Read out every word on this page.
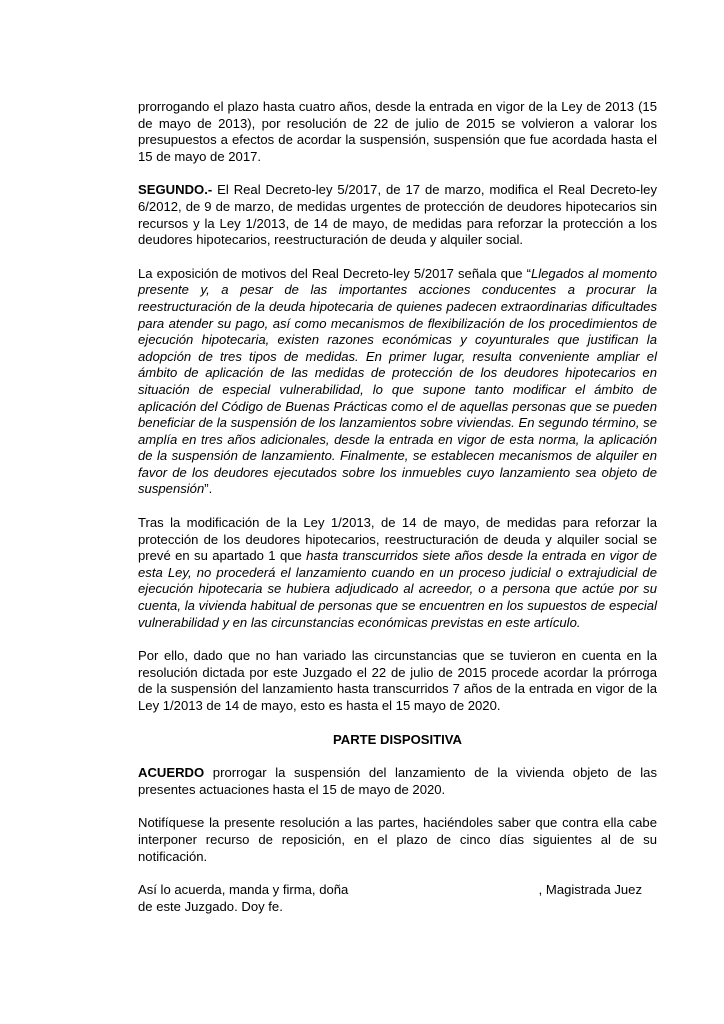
prorrogando el plazo hasta cuatro años, desde la entrada en vigor de la Ley de 2013 (15 de mayo de 2013), por resolución de 22 de julio de 2015 se volvieron a valorar los presupuestos a efectos de acordar la suspensión, suspensión que fue acordada hasta el 15 de mayo de 2017.

SEGUNDO.- El Real Decreto-ley 5/2017, de 17 de marzo, modifica el Real Decreto-ley 6/2012, de 9 de marzo, de medidas urgentes de protección de deudores hipotecarios sin recursos y la Ley 1/2013, de 14 de mayo, de medidas para reforzar la protección a los deudores hipotecarios, reestructuración de deuda y alquiler social.

La exposición de motivos del Real Decreto-ley 5/2017 señala que “Llegados al momento presente y, a pesar de las importantes acciones conducentes a procurar la reestructuración de la deuda hipotecaria de quienes padecen extraordinarias dificultades para atender su pago, así como mecanismos de flexibilización de los procedimientos de ejecución hipotecaria, existen razones económicas y coyunturales que justifican la adopción de tres tipos de medidas. En primer lugar, resulta conveniente ampliar el ámbito de aplicación de las medidas de protección de los deudores hipotecarios en situación de especial vulnerabilidad, lo que supone tanto modificar el ámbito de aplicación del Código de Buenas Prácticas como el de aquellas personas que se pueden beneficiar de la suspensión de los lanzamientos sobre viviendas. En segundo término, se amplía en tres años adicionales, desde la entrada en vigor de esta norma, la aplicación de la suspensión de lanzamiento. Finalmente, se establecen mecanismos de alquiler en favor de los deudores ejecutados sobre los inmuebles cuyo lanzamiento sea objeto de suspensión”.

Tras la modificación de la Ley 1/2013, de 14 de mayo, de medidas para reforzar la protección de los deudores hipotecarios, reestructuración de deuda y alquiler social se prevé en su apartado 1 que hasta transcurridos siete años desde la entrada en vigor de esta Ley, no procederá el lanzamiento cuando en un proceso judicial o extrajudicial de ejecución hipotecaria se hubiera adjudicado al acreedor, o a persona que actúe por su cuenta, la vivienda habitual de personas que se encuentren en los supuestos de especial vulnerabilidad y en las circunstancias económicas previstas en este artículo.

Por ello, dado que no han variado las circunstancias que se tuvieron en cuenta en la resolución dictada por este Juzgado el 22 de julio de 2015 procede acordar la prórroga de la suspensión del lanzamiento hasta transcurridos 7 años de la entrada en vigor de la Ley 1/2013 de 14 de mayo, esto es hasta el 15 mayo de 2020.

PARTE DISPOSITIVA

ACUERDO prorrogar la suspensión del lanzamiento de la vivienda objeto de las presentes actuaciones hasta el 15 de mayo de 2020.

Notifíquese la presente resolución a las partes, haciéndoles saber que contra ella cabe interponer recurso de reposición, en el plazo de cinco días siguientes al de su notificación.

Así lo acuerda, manda y firma, doña	, Magistrada Juez
de este Juzgado. Doy fe.
